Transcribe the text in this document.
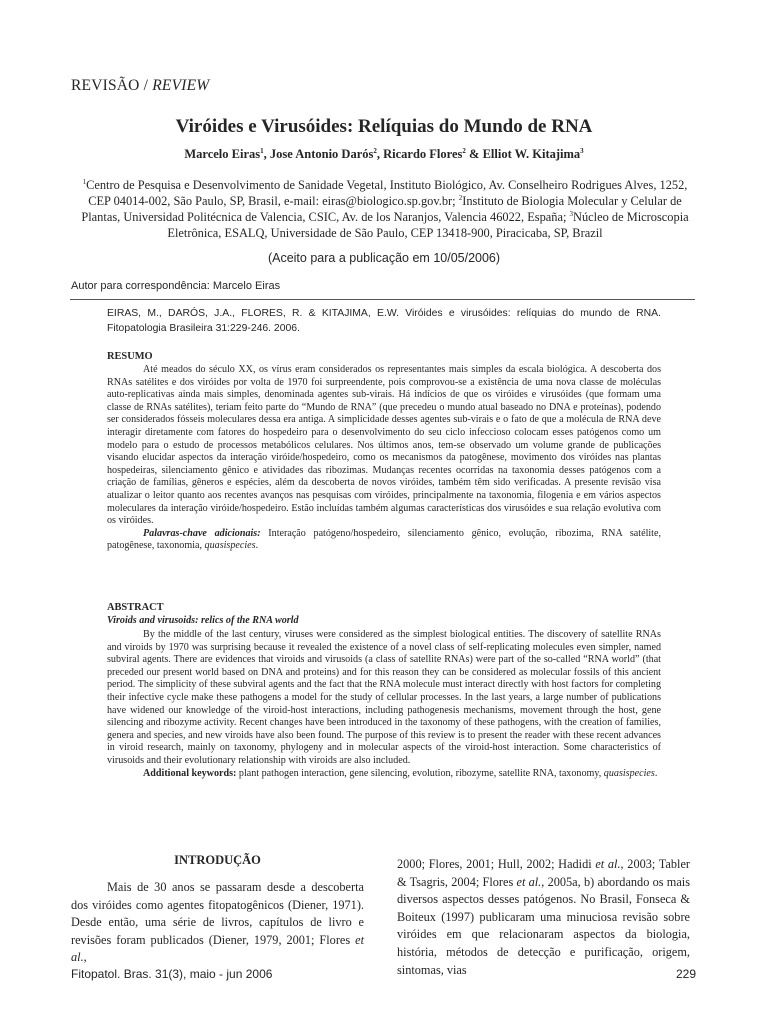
REVISÃO / REVIEW
Viróides e Virusóides: Relíquias do Mundo de RNA
Marcelo Eiras$^1$, Jose Antonio Darós$^2$, Ricardo Flores$^2$ & Elliot W. Kitajima$^3$
$^1$Centro de Pesquisa e Desenvolvimento de Sanidade Vegetal, Instituto Biológico, Av. Conselheiro Rodrigues Alves, 1252, CEP 04014-002, São Paulo, SP, Brasil, e-mail: eiras@biologico.sp.gov.br; $^2$Instituto de Biologia Molecular y Celular de Plantas, Universidad Politécnica de Valencia, CSIC, Av. de los Naranjos, Valencia 46022, España; $^3$Núcleo de Microscopia Eletrônica, ESALQ, Universidade de São Paulo, CEP 13418-900, Piracicaba, SP, Brazil
(Aceito para a publicação em 10/05/2006)
Autor para correspondência: Marcelo Eiras
EIRAS, M., DARÓS, J.A., FLORES, R. & KITAJIMA, E.W. Viróides e virusóides: relíquias do mundo de RNA. Fitopatologia Brasileira 31:229-246. 2006.
RESUMO

Até meados do século XX, os vírus eram considerados os representantes mais simples da escala biológica. A descoberta dos RNAs satélites e dos viróides por volta de 1970 foi surpreendente, pois comprovou-se a existência de uma nova classe de moléculas auto-replicativas ainda mais simples, denominada agentes sub-virais. Há indícios de que os viróides e virusóides (que formam uma classe de RNAs satélites), teriam feito parte do “Mundo de RNA” (que precedeu o mundo atual baseado no DNA e proteínas), podendo ser considerados fósseis moleculares dessa era antiga. A simplicidade desses agentes sub-virais e o fato de que a molécula de RNA deve interagir diretamente com fatores do hospedeiro para o desenvolvimento do seu ciclo infeccioso colocam esses patógenos como um modelo para o estudo de processos metabólicos celulares. Nos últimos anos, tem-se observado um volume grande de publicações visando elucidar aspectos da interação viróide/hospedeiro, como os mecanismos da patogênese, movimento dos viróides nas plantas hospedeiras, silenciamento gênico e atividades das ribozimas. Mudanças recentes ocorridas na taxonomia desses patógenos com a criação de famílias, gêneros e espécies, além da descoberta de novos viróides, também têm sido verificadas. A presente revisão visa atualizar o leitor quanto aos recentes avanços nas pesquisas com viróides, principalmente na taxonomia, filogenia e em vários aspectos moleculares da interação viróide/hospedeiro. Estão incluídas também algumas características dos virusóides e sua relação evolutiva com os viróides.

Palavras-chave adicionais: Interação patógeno/hospedeiro, silenciamento gênico, evolução, ribozima, RNA satélite, patogênese, taxonomia, quasispecies.

ABSTRACT
Viroids and virusoids: relics of the RNA world

By the middle of the last century, viruses were considered as the simplest biological entities. The discovery of satellite RNAs and viroids by 1970 was surprising because it revealed the existence of a novel class of self-replicating molecules even simpler, named subviral agents. There are evidences that viroids and virusoids (a class of satellite RNAs) were part of the so-called “RNA world” (that preceded our present world based on DNA and proteins) and for this reason they can be considered as molecular fossils of this ancient period. The simplicity of these subviral agents and the fact that the RNA molecule must interact directly with host factors for completing their infective cycle make these pathogens a model for the study of cellular processes. In the last years, a large number of publications have widened our knowledge of the viroid-host interactions, including pathogenesis mechanisms, movement through the host, gene silencing and ribozyme activity. Recent changes have been introduced in the taxonomy of these pathogens, with the creation of families, genera and species, and new viroids have also been found. The purpose of this review is to present the reader with these recent advances in viroid research, mainly on taxonomy, phylogeny and in molecular aspects of the viroid-host interaction. Some characteristics of virusoids and their evolutionary relationship with viroids are also included.

Additional keywords: plant pathogen interaction, gene silencing, evolution, ribozyme, satellite RNA, taxonomy, quasispecies.

INTRODUÇÃO

Mais de 30 anos se passaram desde a descoberta dos viróides como agentes fitopatogênicos (Diener, 1971). Desde então, uma série de livros, capítulos de livro e revisões foram publicados (Diener, 1979, 2001; Flores et al.,

2000; Flores, 2001; Hull, 2002; Hadidi et al., 2003; Tabler & Tsagris, 2004; Flores et al., 2005a, b) abordando os mais diversos aspectos desses patógenos. No Brasil, Fonseca & Boiteux (1997) publicaram uma minuciosa revisão sobre viróides em que relacionaram aspectos da biologia, história, métodos de detecção e purificação, origem, sintomas, vias

Fitopatol. Bras. 31(3), maio - jun 2006	229
